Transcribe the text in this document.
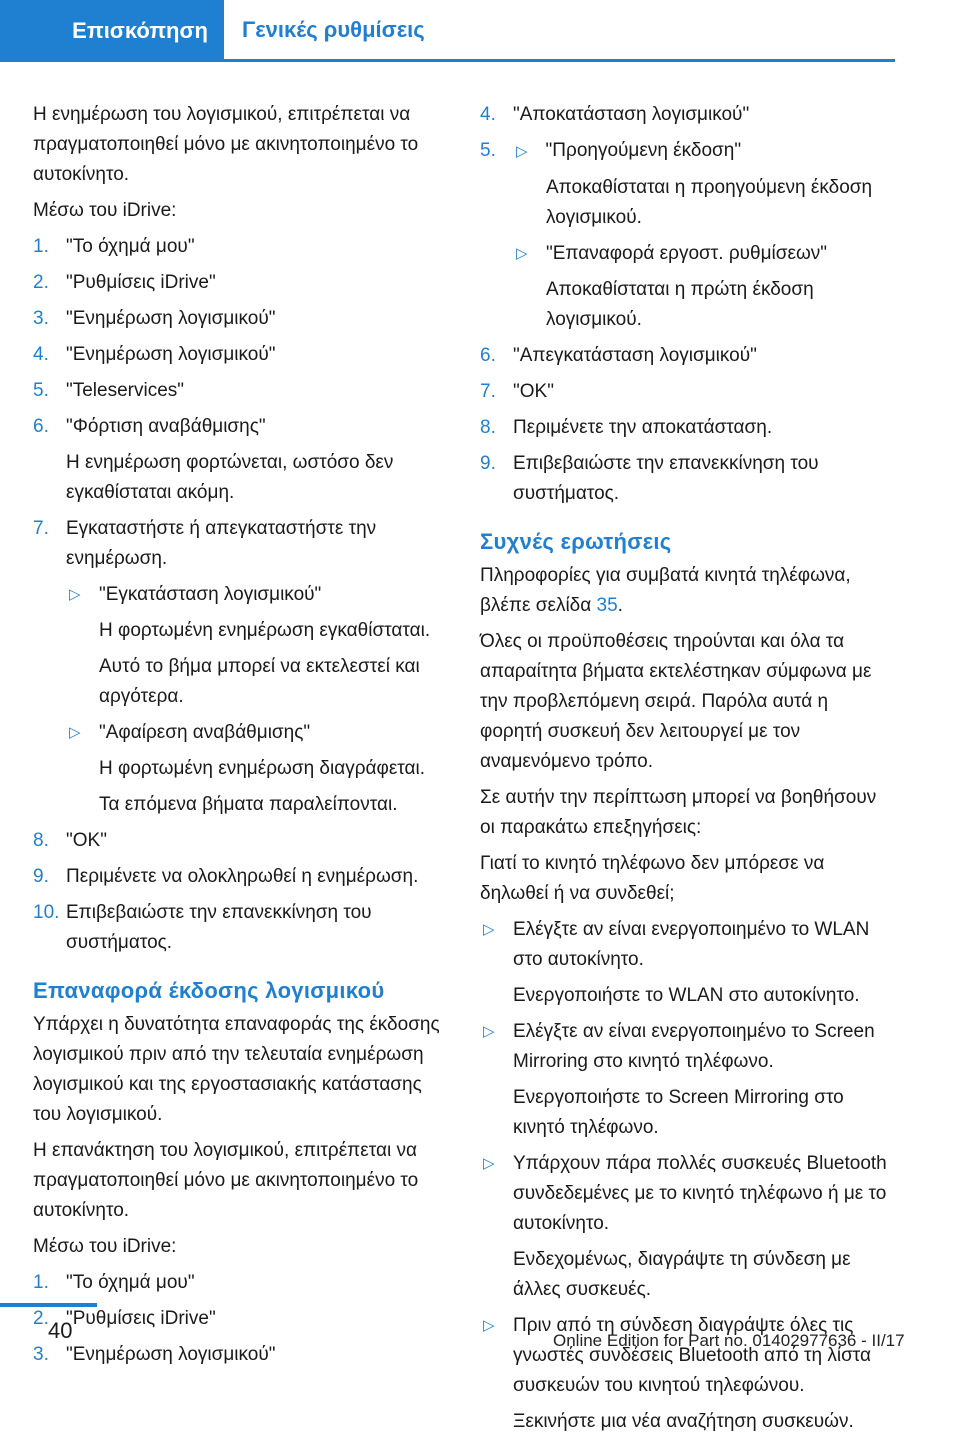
Επισκόπηση	Γενικές ρυθμίσεις

Η ενημέρωση του λογισμικού, επιτρέπεται να πραγματοποιηθεί μόνο με ακινητοποιημένο το αυτοκίνητο.

Μέσω του iDrive:

1. "Το όχημά μου"
2. "Ρυθμίσεις iDrive"
3. "Ενημέρωση λογισμικού"
4. "Ενημέρωση λογισμικού"
5. "Teleservices"
6. "Φόρτιση αναβάθμισης"

Η ενημέρωση φορτώνεται, ωστόσο δεν εγκαθίσταται ακόμη.

7. Εγκαταστήστε ή απεγκαταστήστε την ενημέρωση.
▷ "Εγκατάσταση λογισμικού"

Η φορτωμένη ενημέρωση εγκαθίσταται.

Αυτό το βήμα μπορεί να εκτελεστεί και αργότερα.

▷ "Αφαίρεση αναβάθμισης"

Η φορτωμένη ενημέρωση διαγράφεται.

Τα επόμενα βήματα παραλείπονται.

8. "OK"
9. Περιμένετε να ολοκληρωθεί η ενημέρωση.
10. Επιβεβαιώστε την επανεκκίνηση του συστήματος.
Επαναφορά έκδοσης λογισμικού

Υπάρχει η δυνατότητα επαναφοράς της έκδοσης λογισμικού πριν από την τελευταία ενημέρωση λογισμικού και της εργοστασιακής κατάστασης του λογισμικού.

Η επανάκτηση του λογισμικού, επιτρέπεται να πραγματοποιηθεί μόνο με ακινητοποιημένο το αυτοκίνητο.

Μέσω του iDrive:

1. "Το όχημά μου"
2. "Ρυθμίσεις iDrive"
3. "Ενημέρωση λογισμικού"
4. "Αποκατάσταση λογισμικού"
5. ▷ "Προηγούμενη έκδοση"

Αποκαθίσταται η προηγούμενη έκδοση λογισμικού.

▷ "Επαναφορά εργοστ. ρυθμίσεων"

Αποκαθίσταται η πρώτη έκδοση λογισμικού.

6. "Απεγκατάσταση λογισμικού"
7. "OK"
8. Περιμένετε την αποκατάσταση.
9. Επιβεβαιώστε την επανεκκίνηση του συστήματος.
Συχνές ερωτήσεις

Πληροφορίες για συμβατά κινητά τηλέφωνα, βλέπε σελίδα 35.

Όλες οι προϋποθέσεις τηρούνται και όλα τα απαραίτητα βήματα εκτελέστηκαν σύμφωνα με την προβλεπόμενη σειρά. Παρόλα αυτά η φορητή συσκευή δεν λειτουργεί με τον αναμενόμενο τρόπο.

Σε αυτήν την περίπτωση μπορεί να βοηθήσουν οι παρακάτω επεξηγήσεις:

Γιατί το κινητό τηλέφωνο δεν μπόρεσε να δηλωθεί ή να συνδεθεί;

▷ Ελέγξτε αν είναι ενεργοποιημένο το WLAN στο αυτοκίνητο.

Ενεργοποιήστε το WLAN στο αυτοκίνητο.

▷ Ελέγξτε αν είναι ενεργοποιημένο το Screen Mirroring στο κινητό τηλέφωνο.

Ενεργοποιήστε το Screen Mirroring στο κινητό τηλέφωνο.

▷ Υπάρχουν πάρα πολλές συσκευές Bluetooth συνδεδεμένες με το κινητό τηλέφωνο ή με το αυτοκίνητο.

Ενδεχομένως, διαγράψτε τη σύνδεση με άλλες συσκευές.

▷ Πριν από τη σύνδεση διαγράψτε όλες τις γνωστές συνδέσεις Bluetooth από τη λίστα συσκευών του κινητού τηλεφώνου.

Ξεκινήστε μια νέα αναζήτηση συσκευών.

40	Online Edition for Part no. 01402977636 - II/17
